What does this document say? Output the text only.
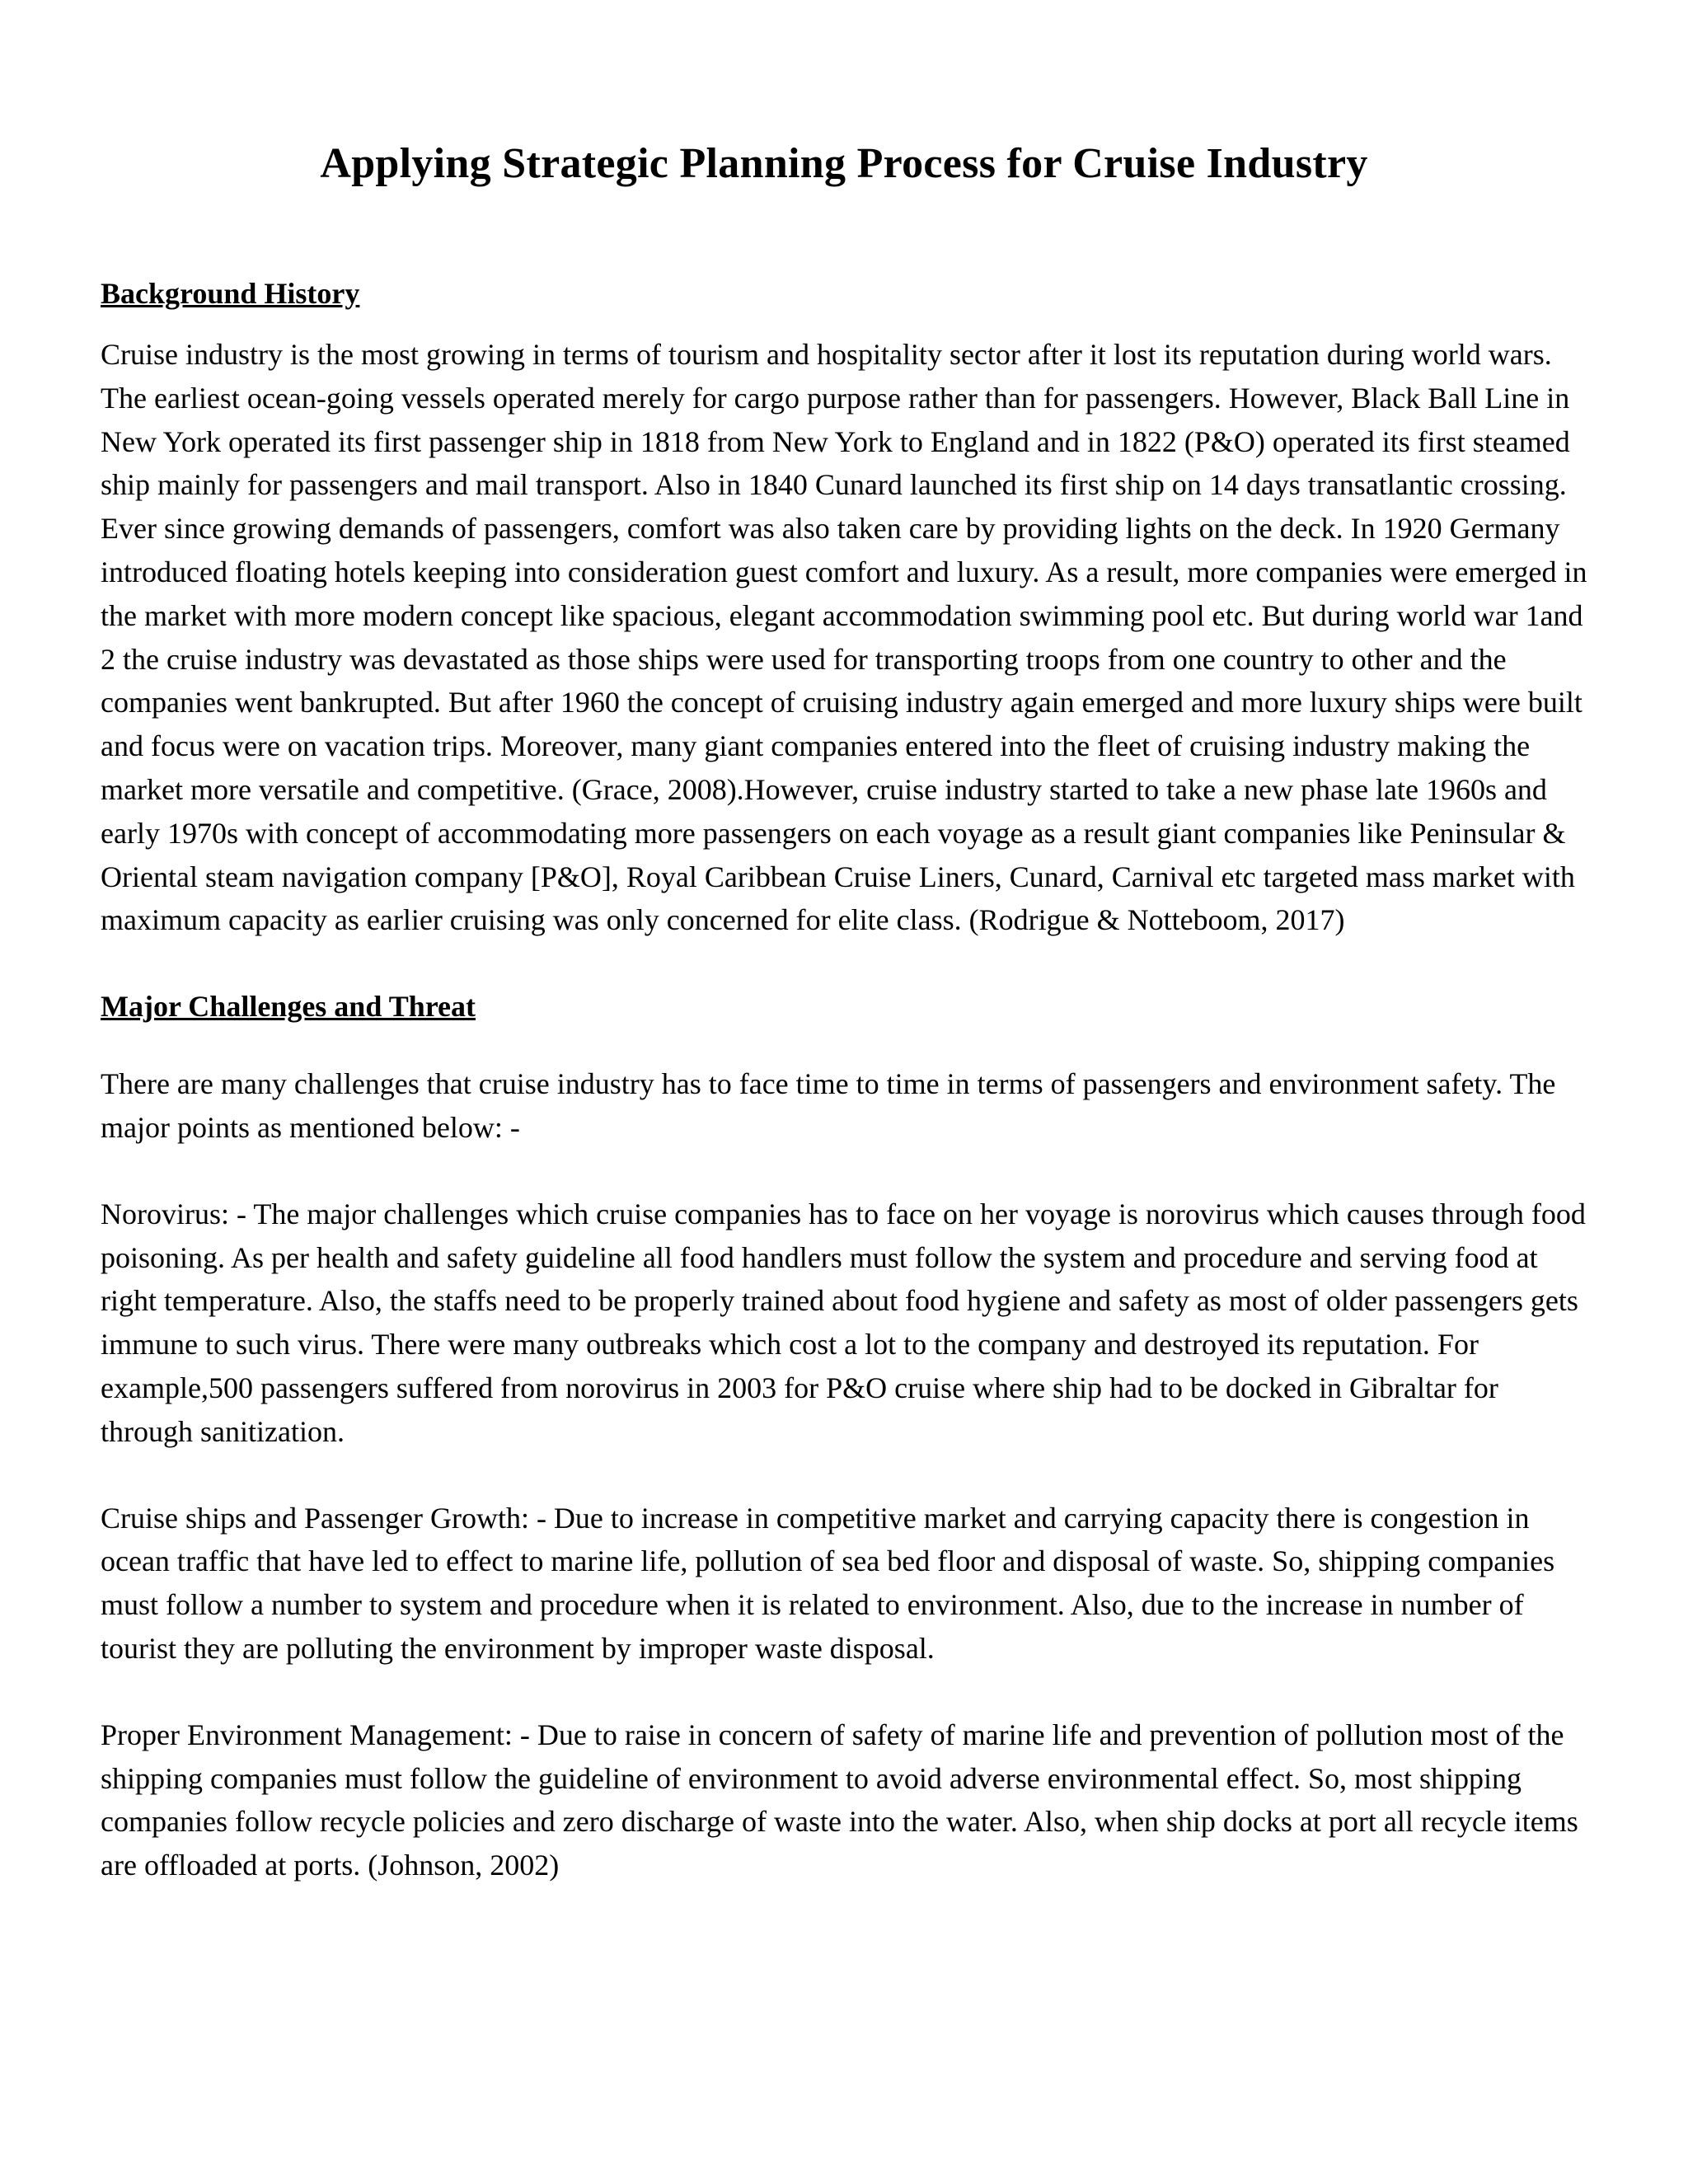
Applying Strategic Planning Process for Cruise Industry
Background History

Cruise industry is the most growing in terms of tourism and hospitality sector after it lost its reputation during world wars. The earliest ocean-going vessels operated merely for cargo purpose rather than for passengers. However, Black Ball Line in New York operated its first passenger ship in 1818 from New York to England and in 1822 (P&O) operated its first steamed ship mainly for passengers and mail transport. Also in 1840 Cunard launched its first ship on 14 days transatlantic crossing. Ever since growing demands of passengers, comfort was also taken care by providing lights on the deck. In 1920 Germany introduced floating hotels keeping into consideration guest comfort and luxury. As a result, more companies were emerged in the market with more modern concept like spacious, elegant accommodation swimming pool etc. But during world war 1and 2 the cruise industry was devastated as those ships were used for transporting troops from one country to other and the companies went bankrupted. But after 1960 the concept of cruising industry again emerged and more luxury ships were built and focus were on vacation trips. Moreover, many giant companies entered into the fleet of cruising industry making the market more versatile and competitive. (Grace, 2008).However, cruise industry started to take a new phase late 1960s and early 1970s with concept of accommodating more passengers on each voyage as a result giant companies like Peninsular & Oriental steam navigation company [P&O], Royal Caribbean Cruise Liners, Cunard, Carnival etc targeted mass market with maximum capacity as earlier cruising was only concerned for elite class. (Rodrigue & Notteboom, 2017)

Major Challenges and Threat

There are many challenges that cruise industry has to face time to time in terms of passengers and environment safety. The major points as mentioned below: -

Norovirus: - The major challenges which cruise companies has to face on her voyage is norovirus which causes through food poisoning. As per health and safety guideline all food handlers must follow the system and procedure and serving food at right temperature. Also, the staffs need to be properly trained about food hygiene and safety as most of older passengers gets immune to such virus. There were many outbreaks which cost a lot to the company and destroyed its reputation. For example,500 passengers suffered from norovirus in 2003 for P&O cruise where ship had to be docked in Gibraltar for through sanitization.

Cruise ships and Passenger Growth: - Due to increase in competitive market and carrying capacity there is congestion in ocean traffic that have led to effect to marine life, pollution of sea bed floor and disposal of waste. So, shipping companies must follow a number to system and procedure when it is related to environment. Also, due to the increase in number of tourist they are polluting the environment by improper waste disposal.

Proper Environment Management: - Due to raise in concern of safety of marine life and prevention of pollution most of the shipping companies must follow the guideline of environment to avoid adverse environmental effect. So, most shipping companies follow recycle policies and zero discharge of waste into the water. Also, when ship docks at port all recycle items are offloaded at ports. (Johnson, 2002)
